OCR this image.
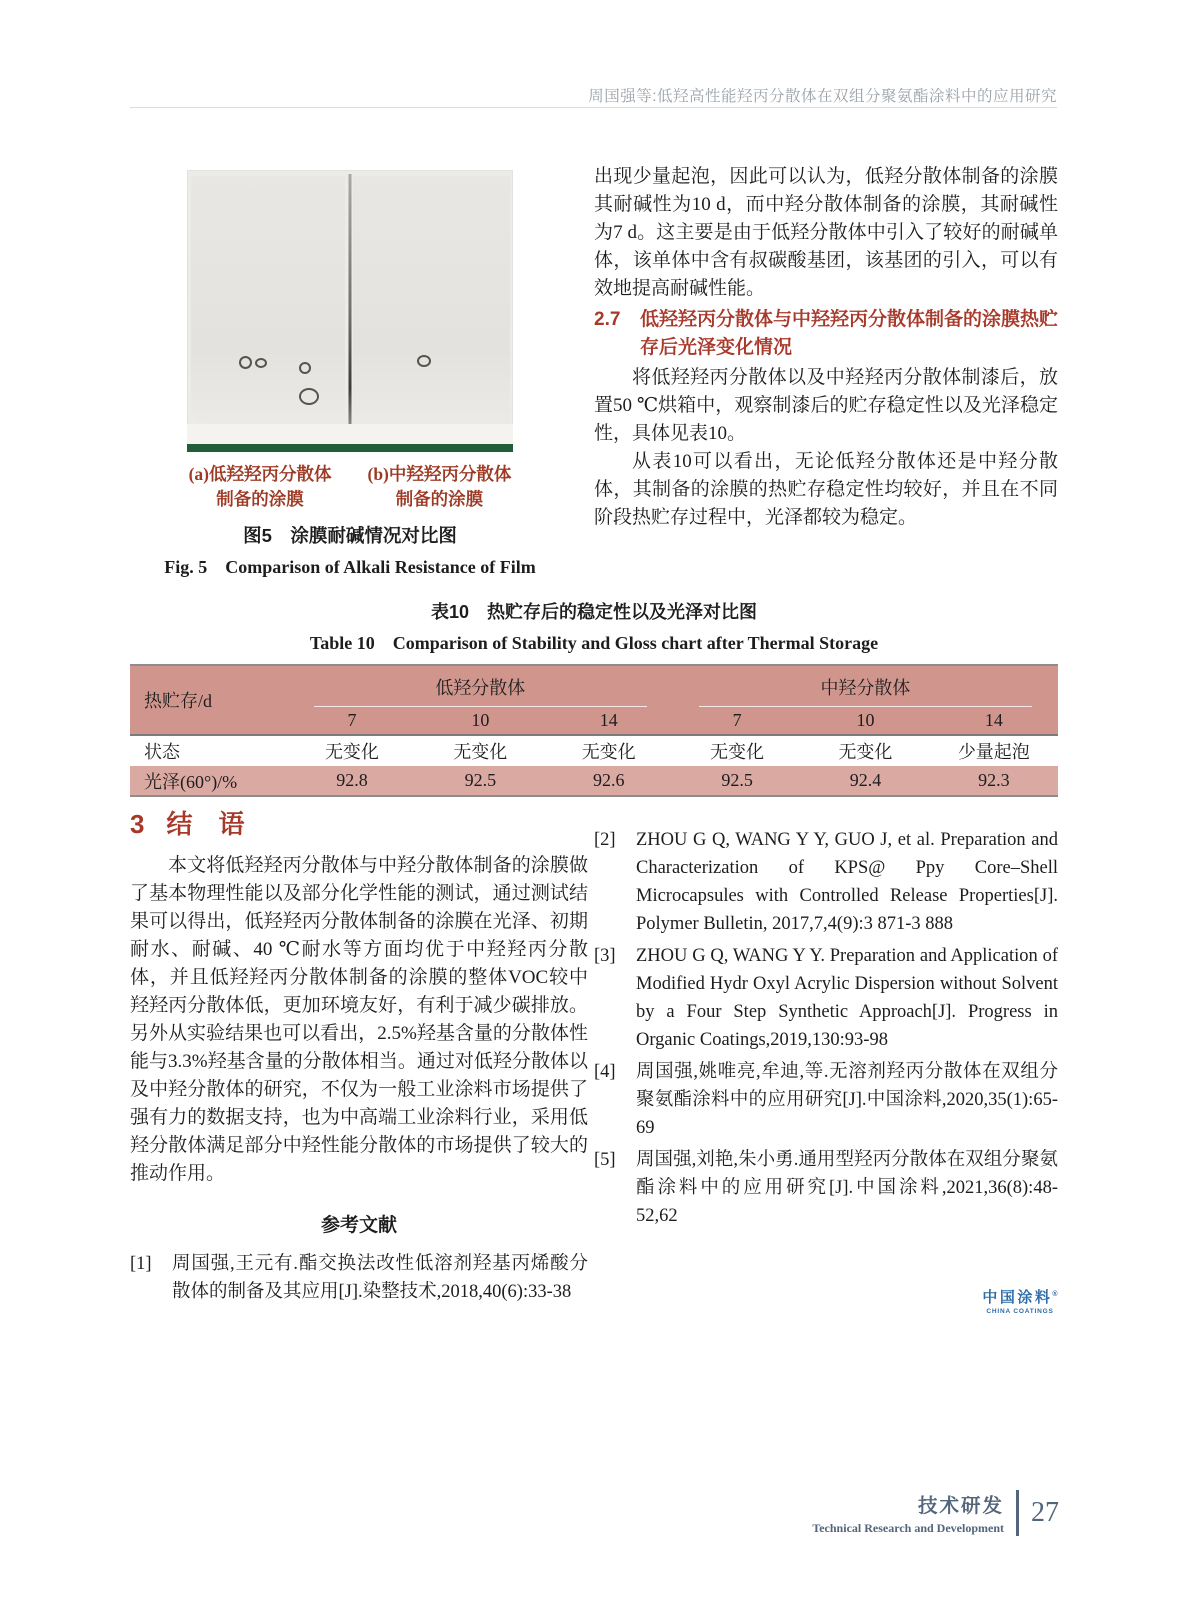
周国强等:低羟高性能羟丙分散体在双组分聚氨酯涂料中的应用研究
(a)低羟羟丙分散体
制备的涂膜
(b)中羟羟丙分散体
制备的涂膜
图5　涂膜耐碱情况对比图
Fig. 5　Comparison of Alkali Resistance of Film

出现少量起泡，因此可以认为，低羟分散体制备的涂膜其耐碱性为10 d，而中羟分散体制备的涂膜，其耐碱性为7 d。这主要是由于低羟分散体中引入了较好的耐碱单体，该单体中含有叔碳酸基团，该基团的引入，可以有效地提高耐碱性能。

2.7	低羟羟丙分散体与中羟羟丙分散体制备的涂膜热贮存后光泽变化情况

将低羟羟丙分散体以及中羟羟丙分散体制漆后，放置50 ℃烘箱中，观察制漆后的贮存稳定性以及光泽稳定性，具体见表10。

从表10可以看出，无论低羟分散体还是中羟分散体，其制备的涂膜的热贮存稳定性均较好，并且在不同阶段热贮存过程中，光泽都较为稳定。

表10　热贮存后的稳定性以及光泽对比图
Table 10　Comparison of Stability and Gloss chart after Thermal Storage
热贮存/d	低羟分散体			中羟分散体		

	7	10	14	7	10	14
状态	无变化	无变化	无变化	无变化	无变化	少量起泡
光泽(60°)/%	92.8	92.5	92.6	92.5	92.4	92.3
3 结　语

本文将低羟羟丙分散体与中羟分散体制备的涂膜做了基本物理性能以及部分化学性能的测试，通过测试结果可以得出，低羟羟丙分散体制备的涂膜在光泽、初期耐水、耐碱、40 ℃耐水等方面均优于中羟羟丙分散体，并且低羟羟丙分散体制备的涂膜的整体VOC较中羟羟丙分散体低，更加环境友好，有利于减少碳排放。另外从实验结果也可以看出，2.5%羟基含量的分散体性能与3.3%羟基含量的分散体相当。通过对低羟分散体以及中羟分散体的研究，不仅为一般工业涂料市场提供了强有力的数据支持，也为中高端工业涂料行业，采用低羟分散体满足部分中羟性能分散体的市场提供了较大的推动作用。

参考文献
[1]	周国强,王元有.酯交换法改性低溶剂羟基丙烯酸分散体的制备及其应用[J].染整技术,2018,40(6):33-38
[2]	ZHOU G Q, WANG Y Y, GUO J, et al. Preparation and Characterization of KPS@ Ppy Core–Shell Microcapsules with Controlled Release Properties[J]. Polymer Bulletin, 2017,7,4(9):3 871-3 888
[3]	ZHOU G Q, WANG Y Y. Preparation and Application of Modified Hydr Oxyl Acrylic Dispersion without Solvent by a Four Step Synthetic Approach[J]. Progress in Organic Coatings,2019,130:93-98
[4]	周国强,姚唯亮,牟迪,等.无溶剂羟丙分散体在双组分聚氨酯涂料中的应用研究[J].中国涂料,2020,35(1):65-69
[5]	周国强,刘艳,朱小勇.通用型羟丙分散体在双组分聚氨酯涂料中的应用研究[J].中国涂料,2021,36(8):48-52,62
中国涂料®
CHINA COATINGS
技术研发
Technical Research and Development 27
